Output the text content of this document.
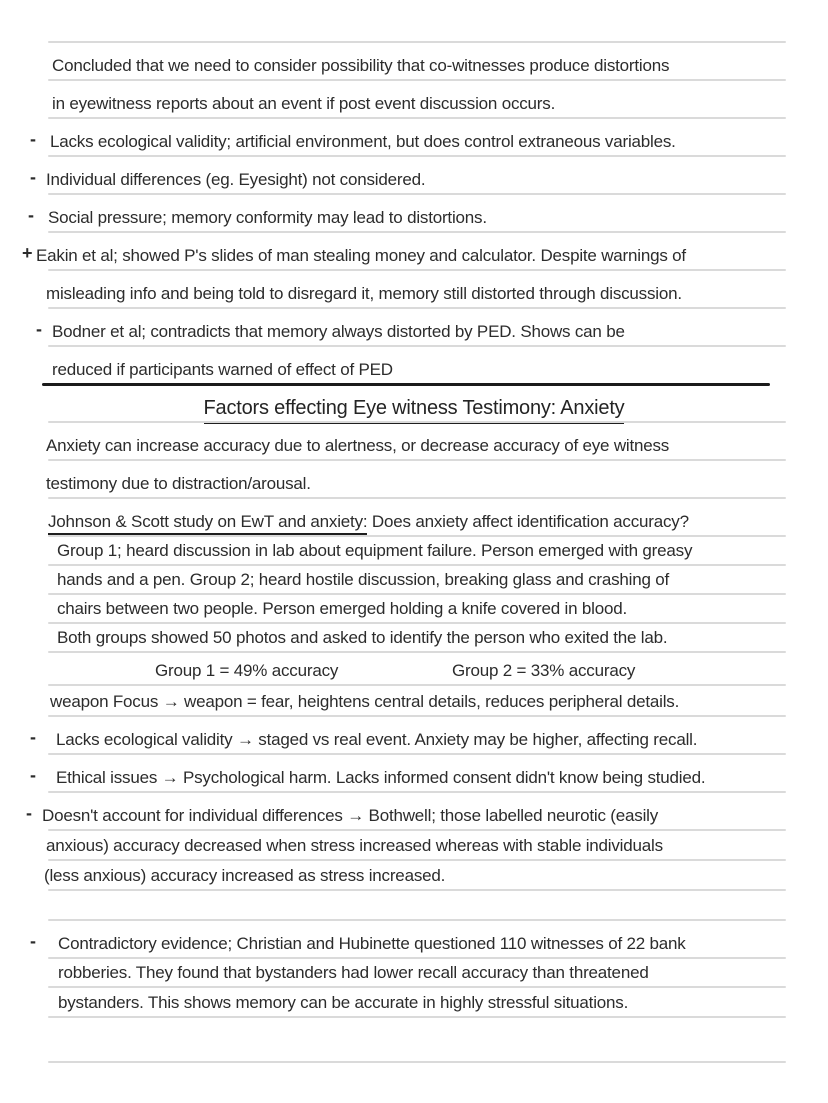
Concluded that we need to consider possibility that co-witnesses produce distortions
in eyewitness reports about an event if post event discussion occurs.
- Lacks ecological validity; artificial environment, but does control extraneous variables.
- Individual differences (eg. Eyesight) not considered.
- Social pressure; memory conformity may lead to distortions.
+ Eakin et al; showed P's slides of man stealing money and calculator. Despite warnings of
misleading info and being told to disregard it, memory still distorted through discussion.
- Bodner et al; contradicts that memory always distorted by PED. Shows can be
reduced if participants warned of effect of PED
Factors effecting Eye witness Testimony: Anxiety
Anxiety can increase accuracy due to alertness, or decrease accuracy of eye witness
testimony due to distraction/arousal.
Johnson & Scott study on EwT and anxiety: Does anxiety affect identification accuracy?
Group 1; heard discussion in lab about equipment failure. Person emerged with greasy
hands and a pen. Group 2; heard hostile discussion, breaking glass and crashing of
chairs between two people. Person emerged holding a knife covered in blood.
Both groups showed 50 photos and asked to identify the person who exited the lab.
Group 1 = 49% accuracy	Group 2 = 33% accuracy
weapon Focus → weapon = fear, heightens central details, reduces peripheral details.
- Lacks ecological validity → staged vs real event. Anxiety may be higher, affecting recall.
- Ethical issues → Psychological harm. Lacks informed consent didn't know being studied.
- Doesn't account for individual differences → Bothwell; those labelled neurotic (easily
anxious) accuracy decreased when stress increased whereas with stable individuals
(less anxious) accuracy increased as stress increased.
- Contradictory evidence; Christian and Hubinette questioned 110 witnesses of 22 bank
robberies. They found that bystanders had lower recall accuracy than threatened
bystanders. This shows memory can be accurate in highly stressful situations.
